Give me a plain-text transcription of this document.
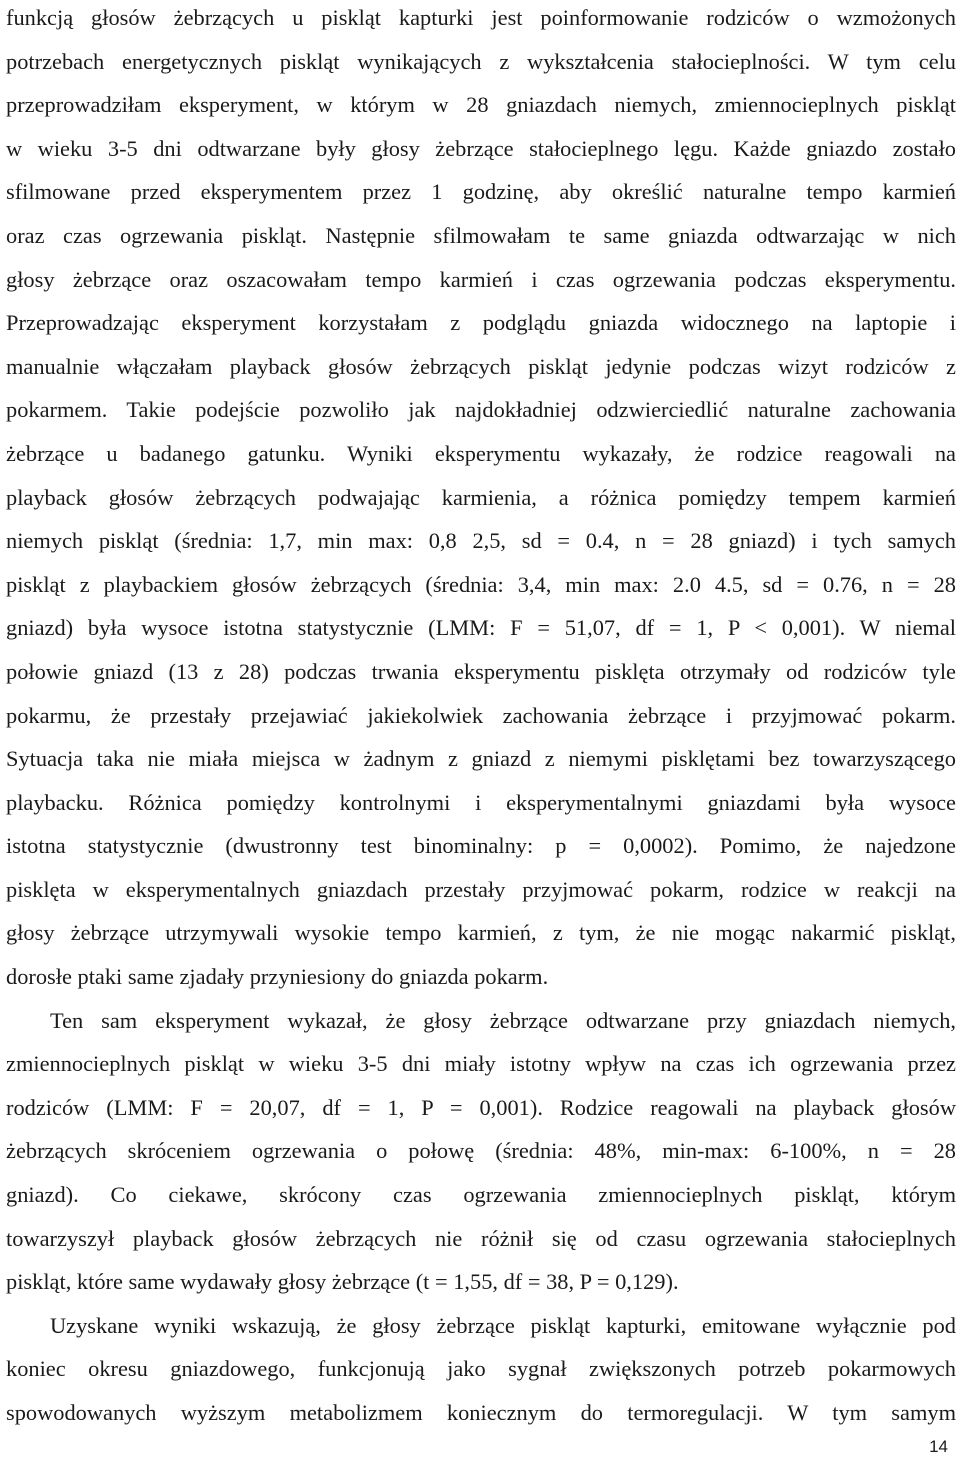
funkcją głosów żebrzących u piskląt kapturki jest poinformowanie rodziców o wzmożonych
potrzebach energetycznych piskląt wynikających z wykształcenia stałocieplności. W tym celu
przeprowadziłam eksperyment, w którym w 28 gniazdach niemych, zmiennocieplnych piskląt
w wieku 3-5 dni odtwarzane były głosy żebrzące stałocieplnego lęgu. Każde gniazdo zostało
sfilmowane przed eksperymentem przez 1 godzinę, aby określić naturalne tempo karmień
oraz czas ogrzewania piskląt. Następnie sfilmowałam te same gniazda odtwarzając w nich
głosy żebrzące oraz oszacowałam tempo karmień i czas ogrzewania podczas eksperymentu.
Przeprowadzając eksperyment korzystałam z podglądu gniazda widocznego na laptopie i
manualnie włączałam playback głosów żebrzących piskląt jedynie podczas wizyt rodziców z
pokarmem. Takie podejście pozwoliło jak najdokładniej odzwierciedlić naturalne zachowania
żebrzące u badanego gatunku. Wyniki eksperymentu wykazały, że rodzice reagowali na
playback głosów żebrzących podwajając karmienia, a różnica pomiędzy tempem karmień
niemych piskląt (średnia: 1,7, min max: 0,8 2,5, sd = 0.4, n = 28 gniazd) i tych samych
piskląt z playbackiem głosów żebrzących (średnia: 3,4, min max: 2.0 4.5, sd = 0.76, n = 28
gniazd) była wysoce istotna statystycznie (LMM: F = 51,07, df = 1, P < 0,001). W niemal
połowie gniazd (13 z 28) podczas trwania eksperymentu pisklęta otrzymały od rodziców tyle
pokarmu, że przestały przejawiać jakiekolwiek zachowania żebrzące i przyjmować pokarm.
Sytuacja taka nie miała miejsca w żadnym z gniazd z niemymi pisklętami bez towarzyszącego
playbacku. Różnica pomiędzy kontrolnymi i eksperymentalnymi gniazdami była wysoce
istotna statystycznie (dwustronny test binominalny: p = 0,0002). Pomimo, że najedzone
pisklęta w eksperymentalnych gniazdach przestały przyjmować pokarm, rodzice w reakcji na
głosy żebrzące utrzymywali wysokie tempo karmień, z tym, że nie mogąc nakarmić piskląt,
dorosłe ptaki same zjadały przyniesiony do gniazda pokarm.
Ten sam eksperyment wykazał, że głosy żebrzące odtwarzane przy gniazdach niemych,
zmiennocieplnych piskląt w wieku 3-5 dni miały istotny wpływ na czas ich ogrzewania przez
rodziców (LMM: F = 20,07, df = 1, P = 0,001). Rodzice reagowali na playback głosów
żebrzących skróceniem ogrzewania o połowę (średnia: 48%, min-max: 6-100%, n = 28
gniazd). Co ciekawe, skrócony czas ogrzewania zmiennocieplnych piskląt, którym
towarzyszył playback głosów żebrzących nie różnił się od czasu ogrzewania stałocieplnych
piskląt, które same wydawały głosy żebrzące (t = 1,55, df = 38, P = 0,129).
Uzyskane wyniki wskazują, że głosy żebrzące piskląt kapturki, emitowane wyłącznie pod
koniec okresu gniazdowego, funkcjonują jako sygnał zwiększonych potrzeb pokarmowych
spowodowanych wyższym metabolizmem koniecznym do termoregulacji. W tym samym
14
